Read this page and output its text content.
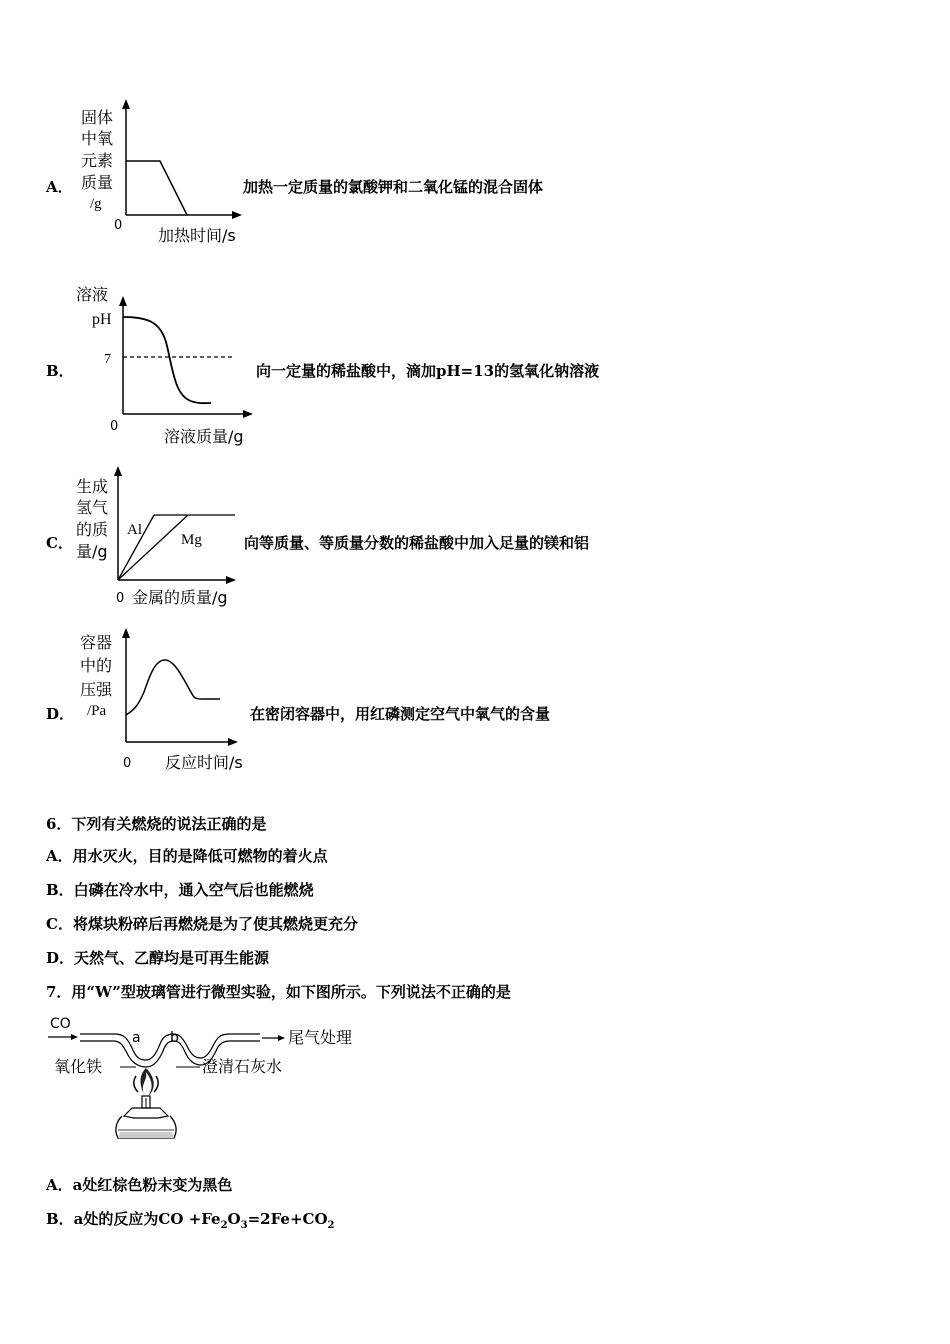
A．
固体
中氧
元素
质量
/g
0
加热时间/s
加热一定质量的氯酸钾和二氧化锰的混合固体
B．
溶液
pH
7
0
溶液质量/g
向一定量的稀盐酸中，滴加pH=13的氢氧化钠溶液
C．
生成
氢气
的质
量/g
Al
Mg
0 金属的质量/g
向等质量、等质量分数的稀盐酸中加入足量的镁和铝
D．
容器
中的
压强
/Pa
0 反应时间/s
在密闭容器中，用红磷测定空气中氧气的含量
6．下列有关燃烧的说法正确的是
A．用水灭火，目的是降低可燃物的着火点
B．白磷在冷水中，通入空气后也能燃烧
C．将煤块粉碎后再燃烧是为了使其燃烧更充分
D．天然气、乙醇均是可再生能源
7．用“W”型玻璃管进行微型实验，如下图所示。下列说法不正确的是
CO
a b	尾气处理
氧化铁	澄清石灰水
A．a处红棕色粉末变为黑色
B．a处的反应为CO $+Fe_2O_3=2Fe+CO_2$
